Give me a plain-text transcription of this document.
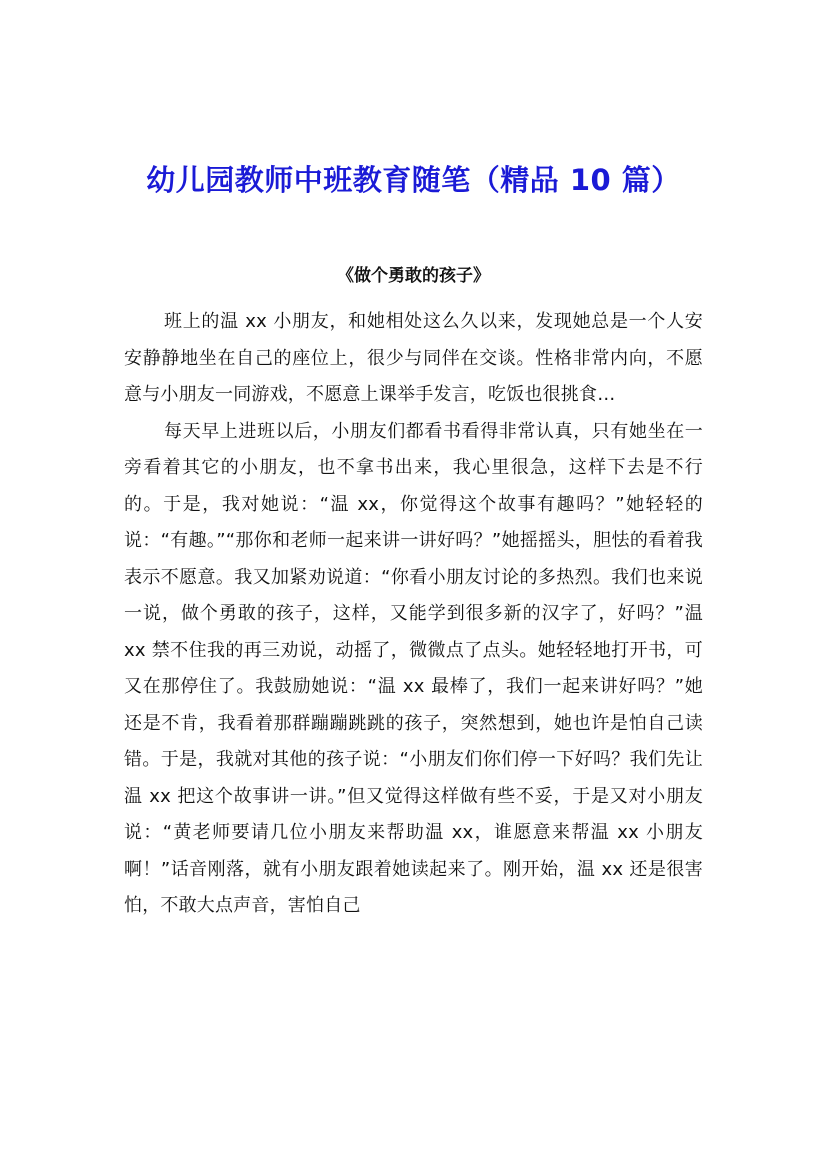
幼儿园教师中班教育随笔（精品 10 篇）
《做个勇敢的孩子》

班上的温 xx 小朋友，和她相处这么久以来，发现她总是一个人安安静静地坐在自己的座位上，很少与同伴在交谈。性格非常内向，不愿意与小朋友一同游戏，不愿意上课举手发言，吃饭也很挑食…

每天早上进班以后，小朋友们都看书看得非常认真，只有她坐在一旁看着其它的小朋友，也不拿书出来，我心里很急，这样下去是不行的。于是，我对她说：“温 xx，你觉得这个故事有趣吗？”她轻轻的说：“有趣。”“那你和老师一起来讲一讲好吗？”她摇摇头，胆怯的看着我表示不愿意。我又加紧劝说道：“你看小朋友讨论的多热烈。我们也来说一说，做个勇敢的孩子，这样，又能学到很多新的汉字了，好吗？”温 xx 禁不住我的再三劝说，动摇了，微微点了点头。她轻轻地打开书，可又在那停住了。我鼓励她说：“温 xx 最棒了，我们一起来讲好吗？”她还是不肯，我看着那群蹦蹦跳跳的孩子，突然想到，她也许是怕自己读错。于是，我就对其他的孩子说：“小朋友们你们停一下好吗？我们先让温 xx 把这个故事讲一讲。”但又觉得这样做有些不妥，于是又对小朋友说：“黄老师要请几位小朋友来帮助温 xx，谁愿意来帮温 xx 小朋友啊！”话音刚落，就有小朋友跟着她读起来了。刚开始，温 xx 还是很害怕，不敢大点声音，害怕自己
